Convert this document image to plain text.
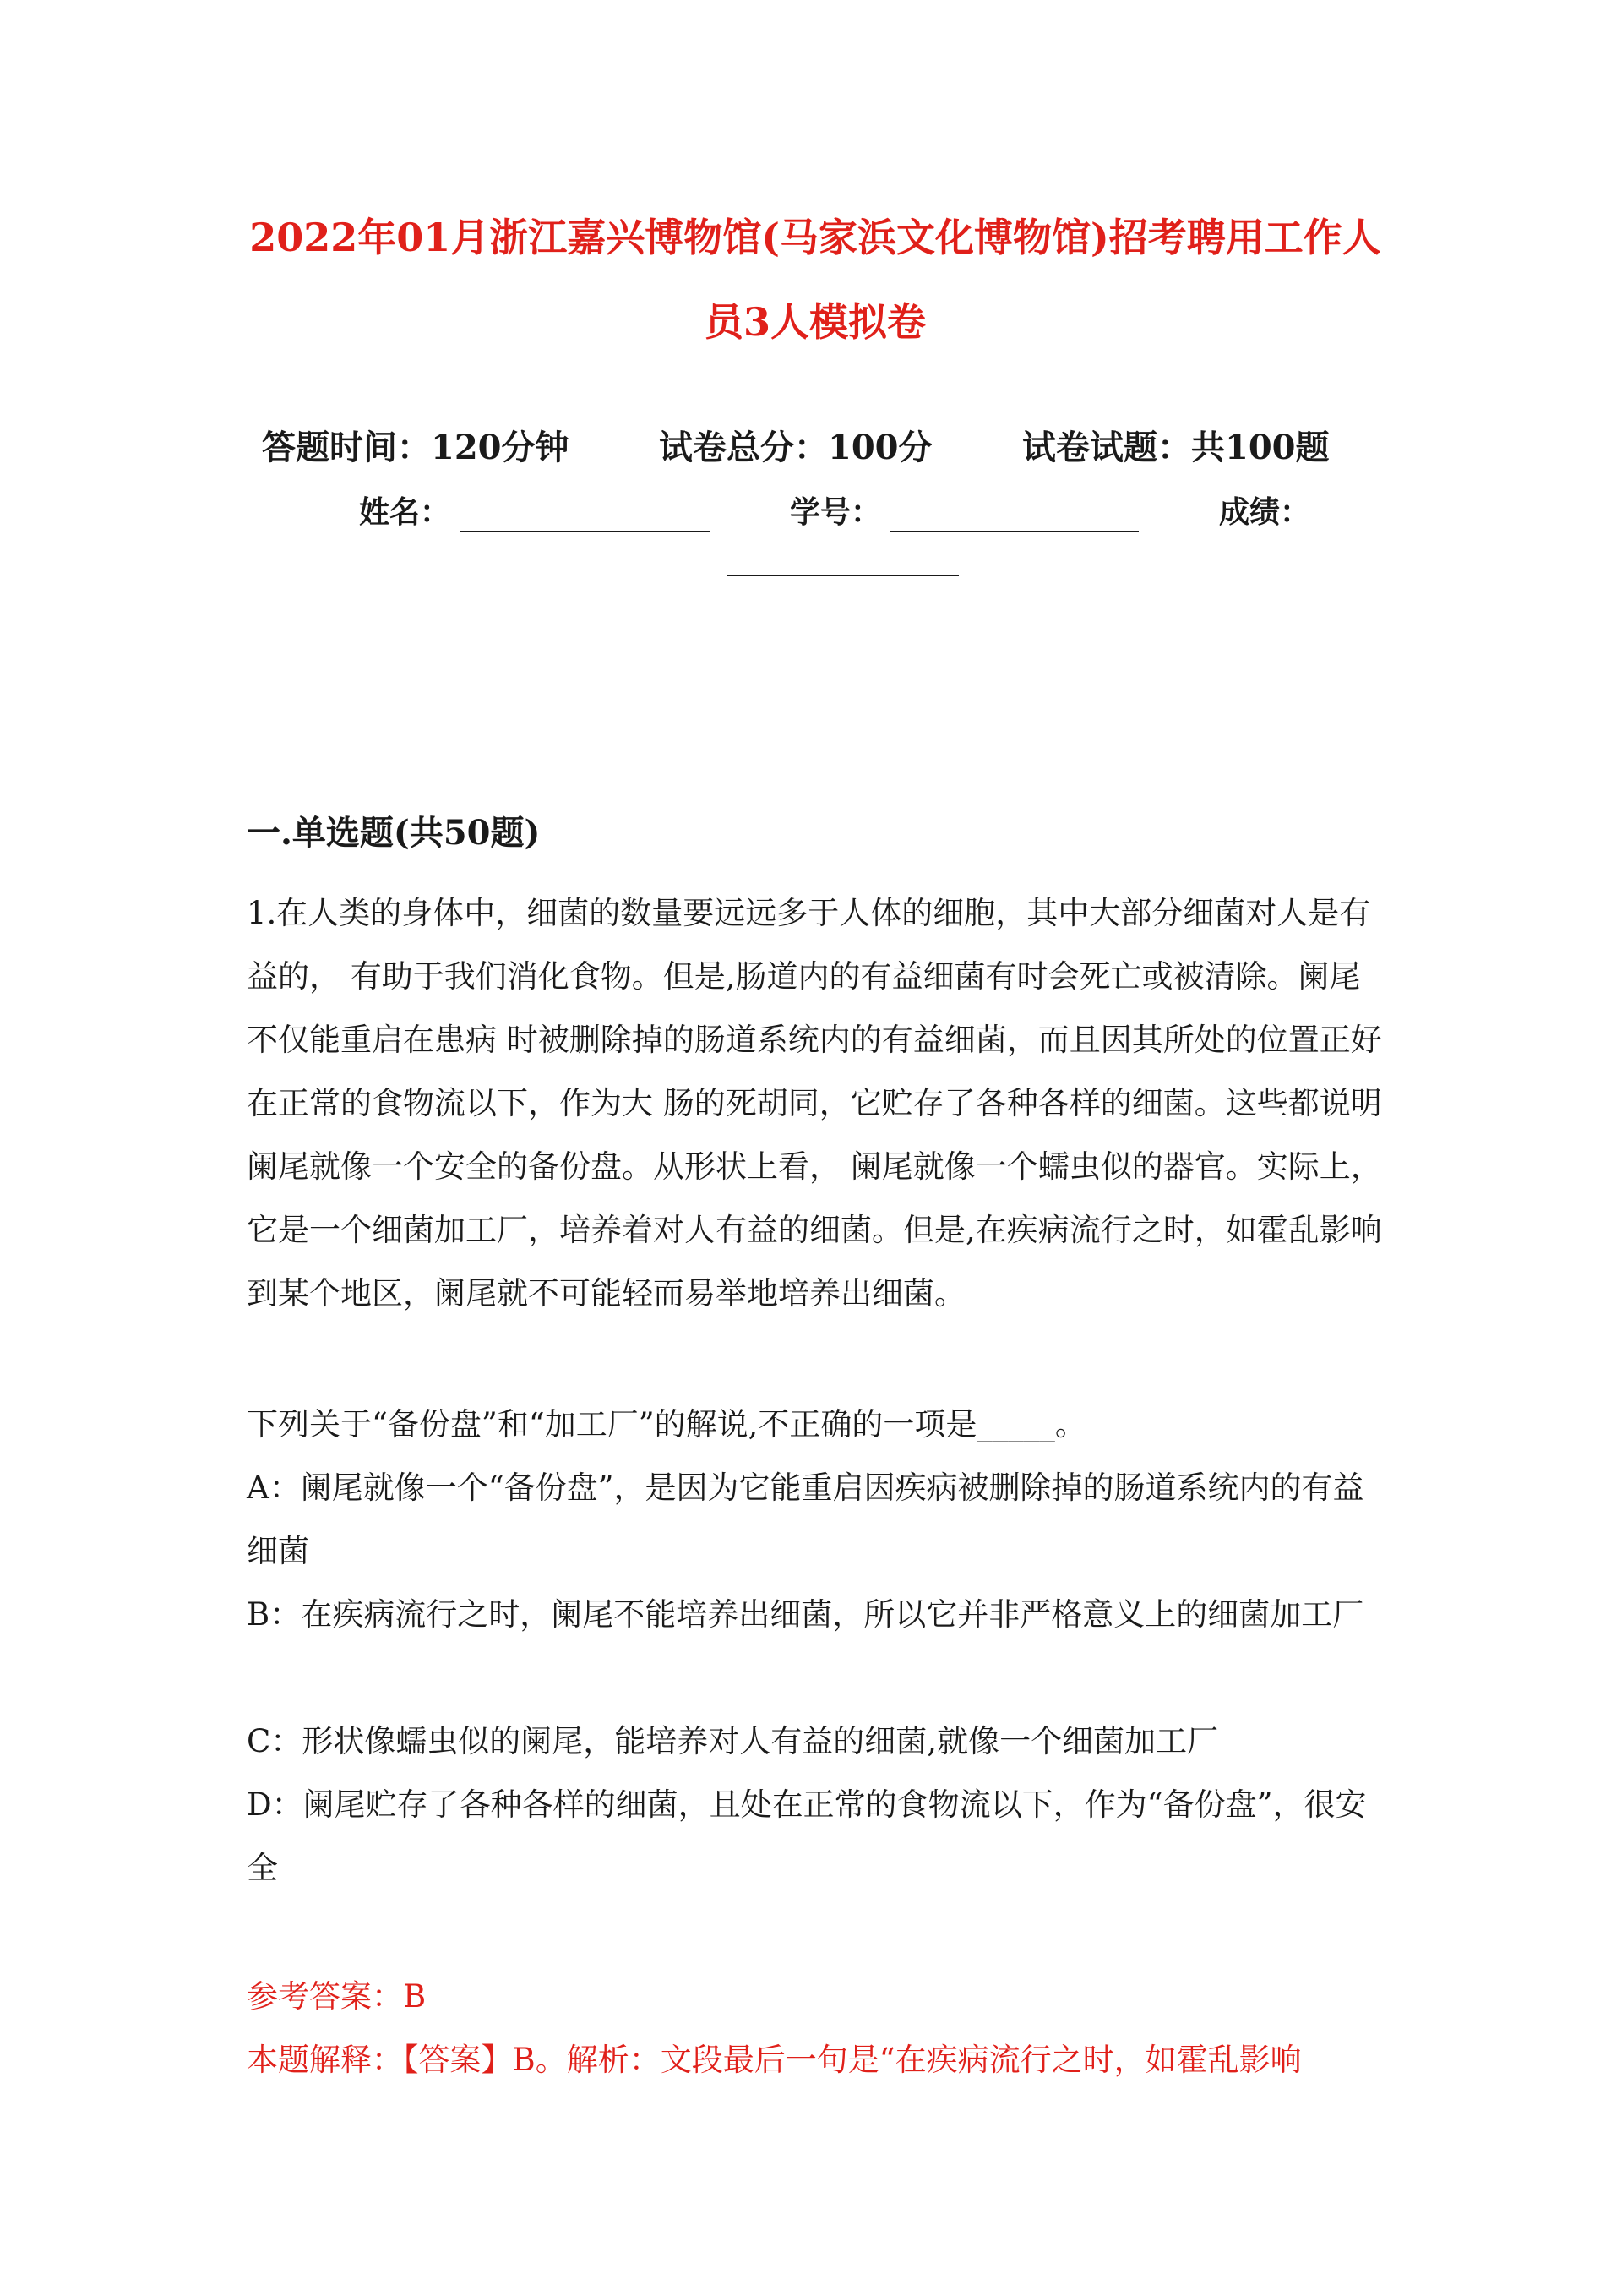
2022年01月浙江嘉兴博物馆(马家浜文化博物馆)招考聘用工作人
员3人模拟卷
答题时间：120分钟	试卷总分：100分	试卷试题：共100题
姓名：	学号：	成绩：
一.单选题(共50题)
1.在人类的身体中，细菌的数量要远远多于人体的细胞，其中大部分细菌对人是有益的， 有助于我们消化食物。但是,肠道内的有益细菌有时会死亡或被清除。阑尾不仅能重启在患病 时被删除掉的肠道系统内的有益细菌，而且因其所处的位置正好在正常的食物流以下，作为大 肠的死胡同，它贮存了各种各样的细菌。这些都说明阑尾就像一个安全的备份盘。从形状上看， 阑尾就像一个蠕虫似的器官。实际上，它是一个细菌加工厂，培养着对人有益的细菌。但是,在疾病流行之时，如霍乱影响到某个地区，阑尾就不可能轻而易举地培养出细菌。
下列关于“备份盘”和“加工厂”的解说,不正确的一项是_____。
A：阑尾就像一个“备份盘”，是因为它能重启因疾病被删除掉的肠道系统内的有益细菌
B：在疾病流行之时，阑尾不能培养出细菌，所以它并非严格意义上的细菌加工厂
C：形状像蠕虫似的阑尾，能培养对人有益的细菌,就像一个细菌加工厂
D：阑尾贮存了各种各样的细菌，且处在正常的食物流以下，作为“备份盘”，很安全
参考答案：B
本题解释：【答案】B。解析：文段最后一句是“在疾病流行之时，如霍乱影响
